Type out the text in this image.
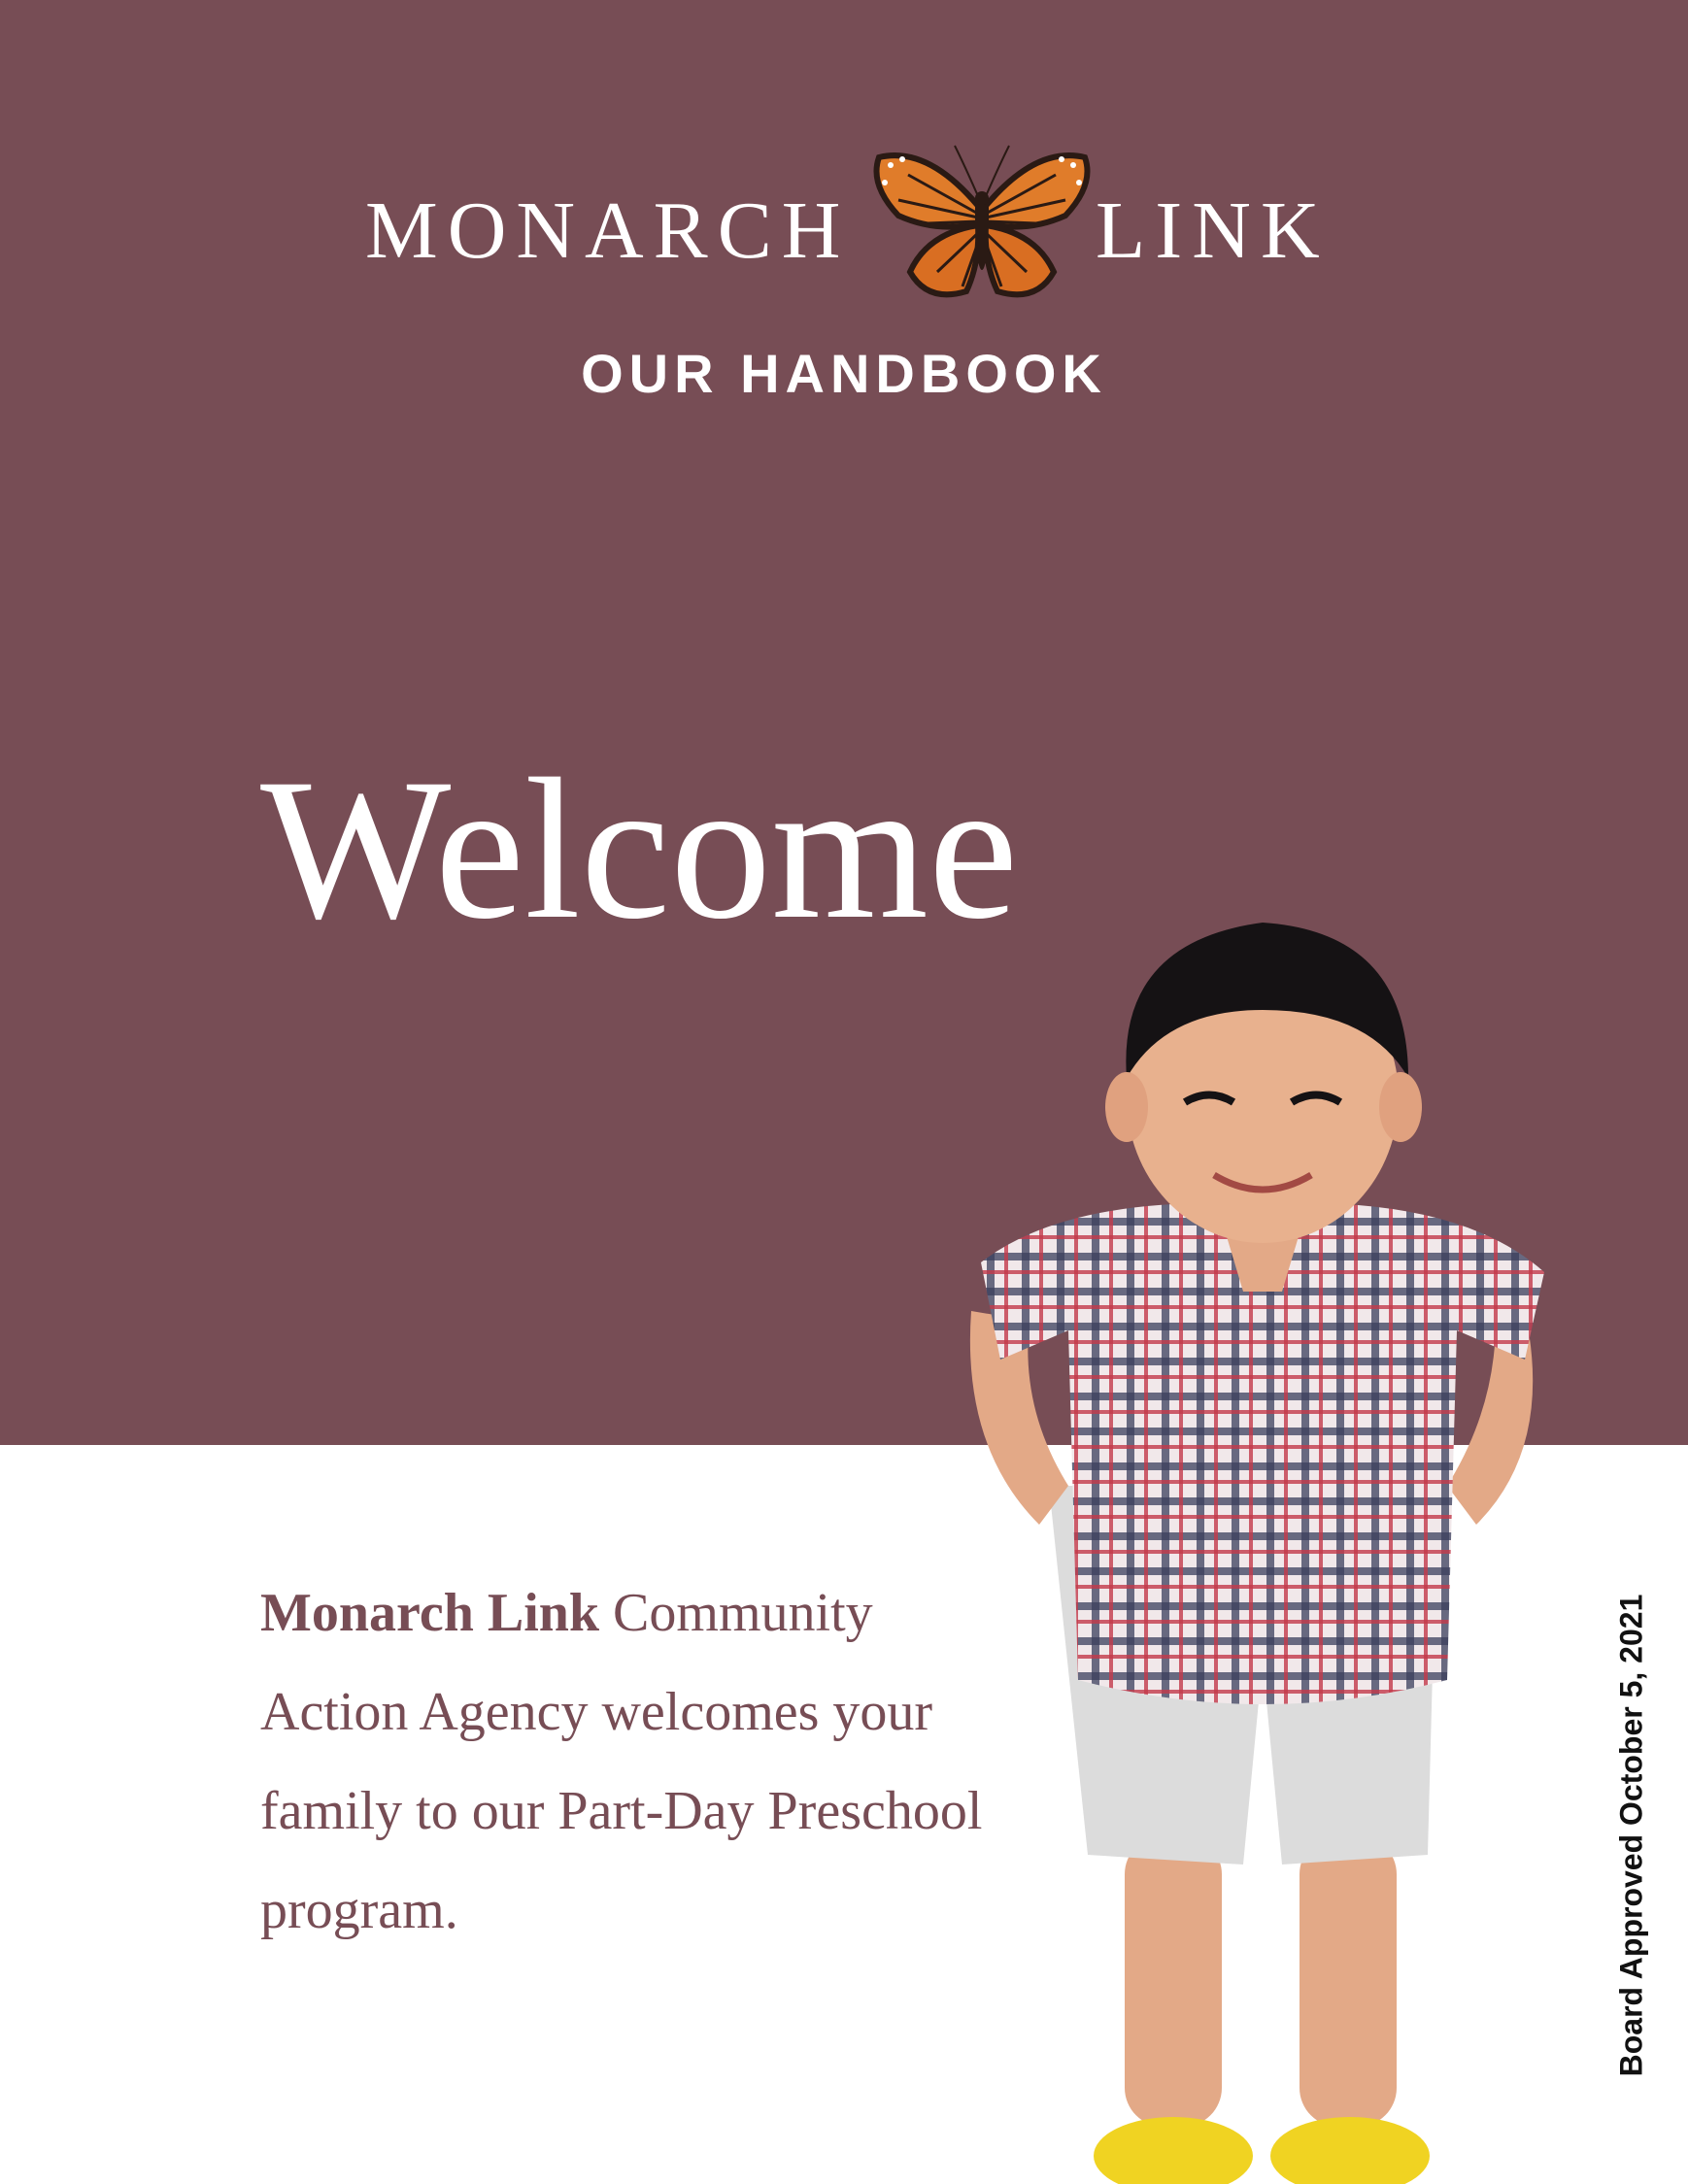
MONARCH	LINK
OUR HANDBOOK
Welcome
Monarch Link Community Action Agency welcomes your family to our Part-Day Preschool program.	Board Approved October 5, 2021
